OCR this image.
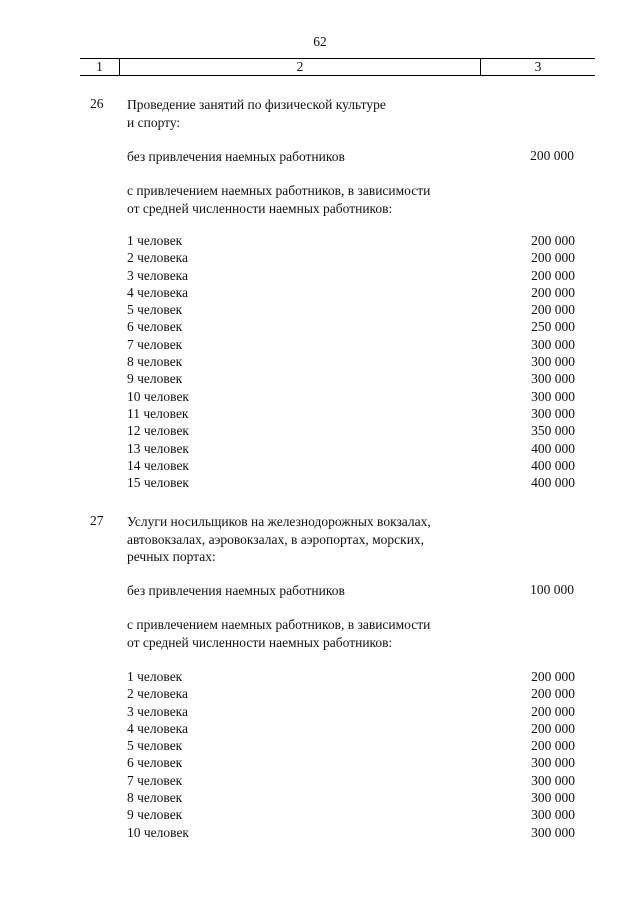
62
1	2	3
26 Проведение занятий по физической культуре
и спорту:
без привлечения наемных работников	200 000
с привлечением наемных работников, в зависимости
от средней численности наемных работников:
1 человек	200 000
2 человека	200 000
3 человека	200 000
4 человека	200 000
5 человек	200 000
6 человек	250 000
7 человек	300 000
8 человек	300 000
9 человек	300 000
10 человек	300 000
11 человек	300 000
12 человек	350 000
13 человек	400 000
14 человек	400 000
15 человек	400 000
27 Услуги носильщиков на железнодорожных вокзалах,
автовокзалах, аэровокзалах, в аэропортах, морских,
речных портах:
без привлечения наемных работников	100 000
с привлечением наемных работников, в зависимости
от средней численности наемных работников:
1 человек	200 000
2 человека	200 000
3 человека	200 000
4 человека	200 000
5 человек	200 000
6 человек	300 000
7 человек	300 000
8 человек	300 000
9 человек	300 000
10 человек	300 000
